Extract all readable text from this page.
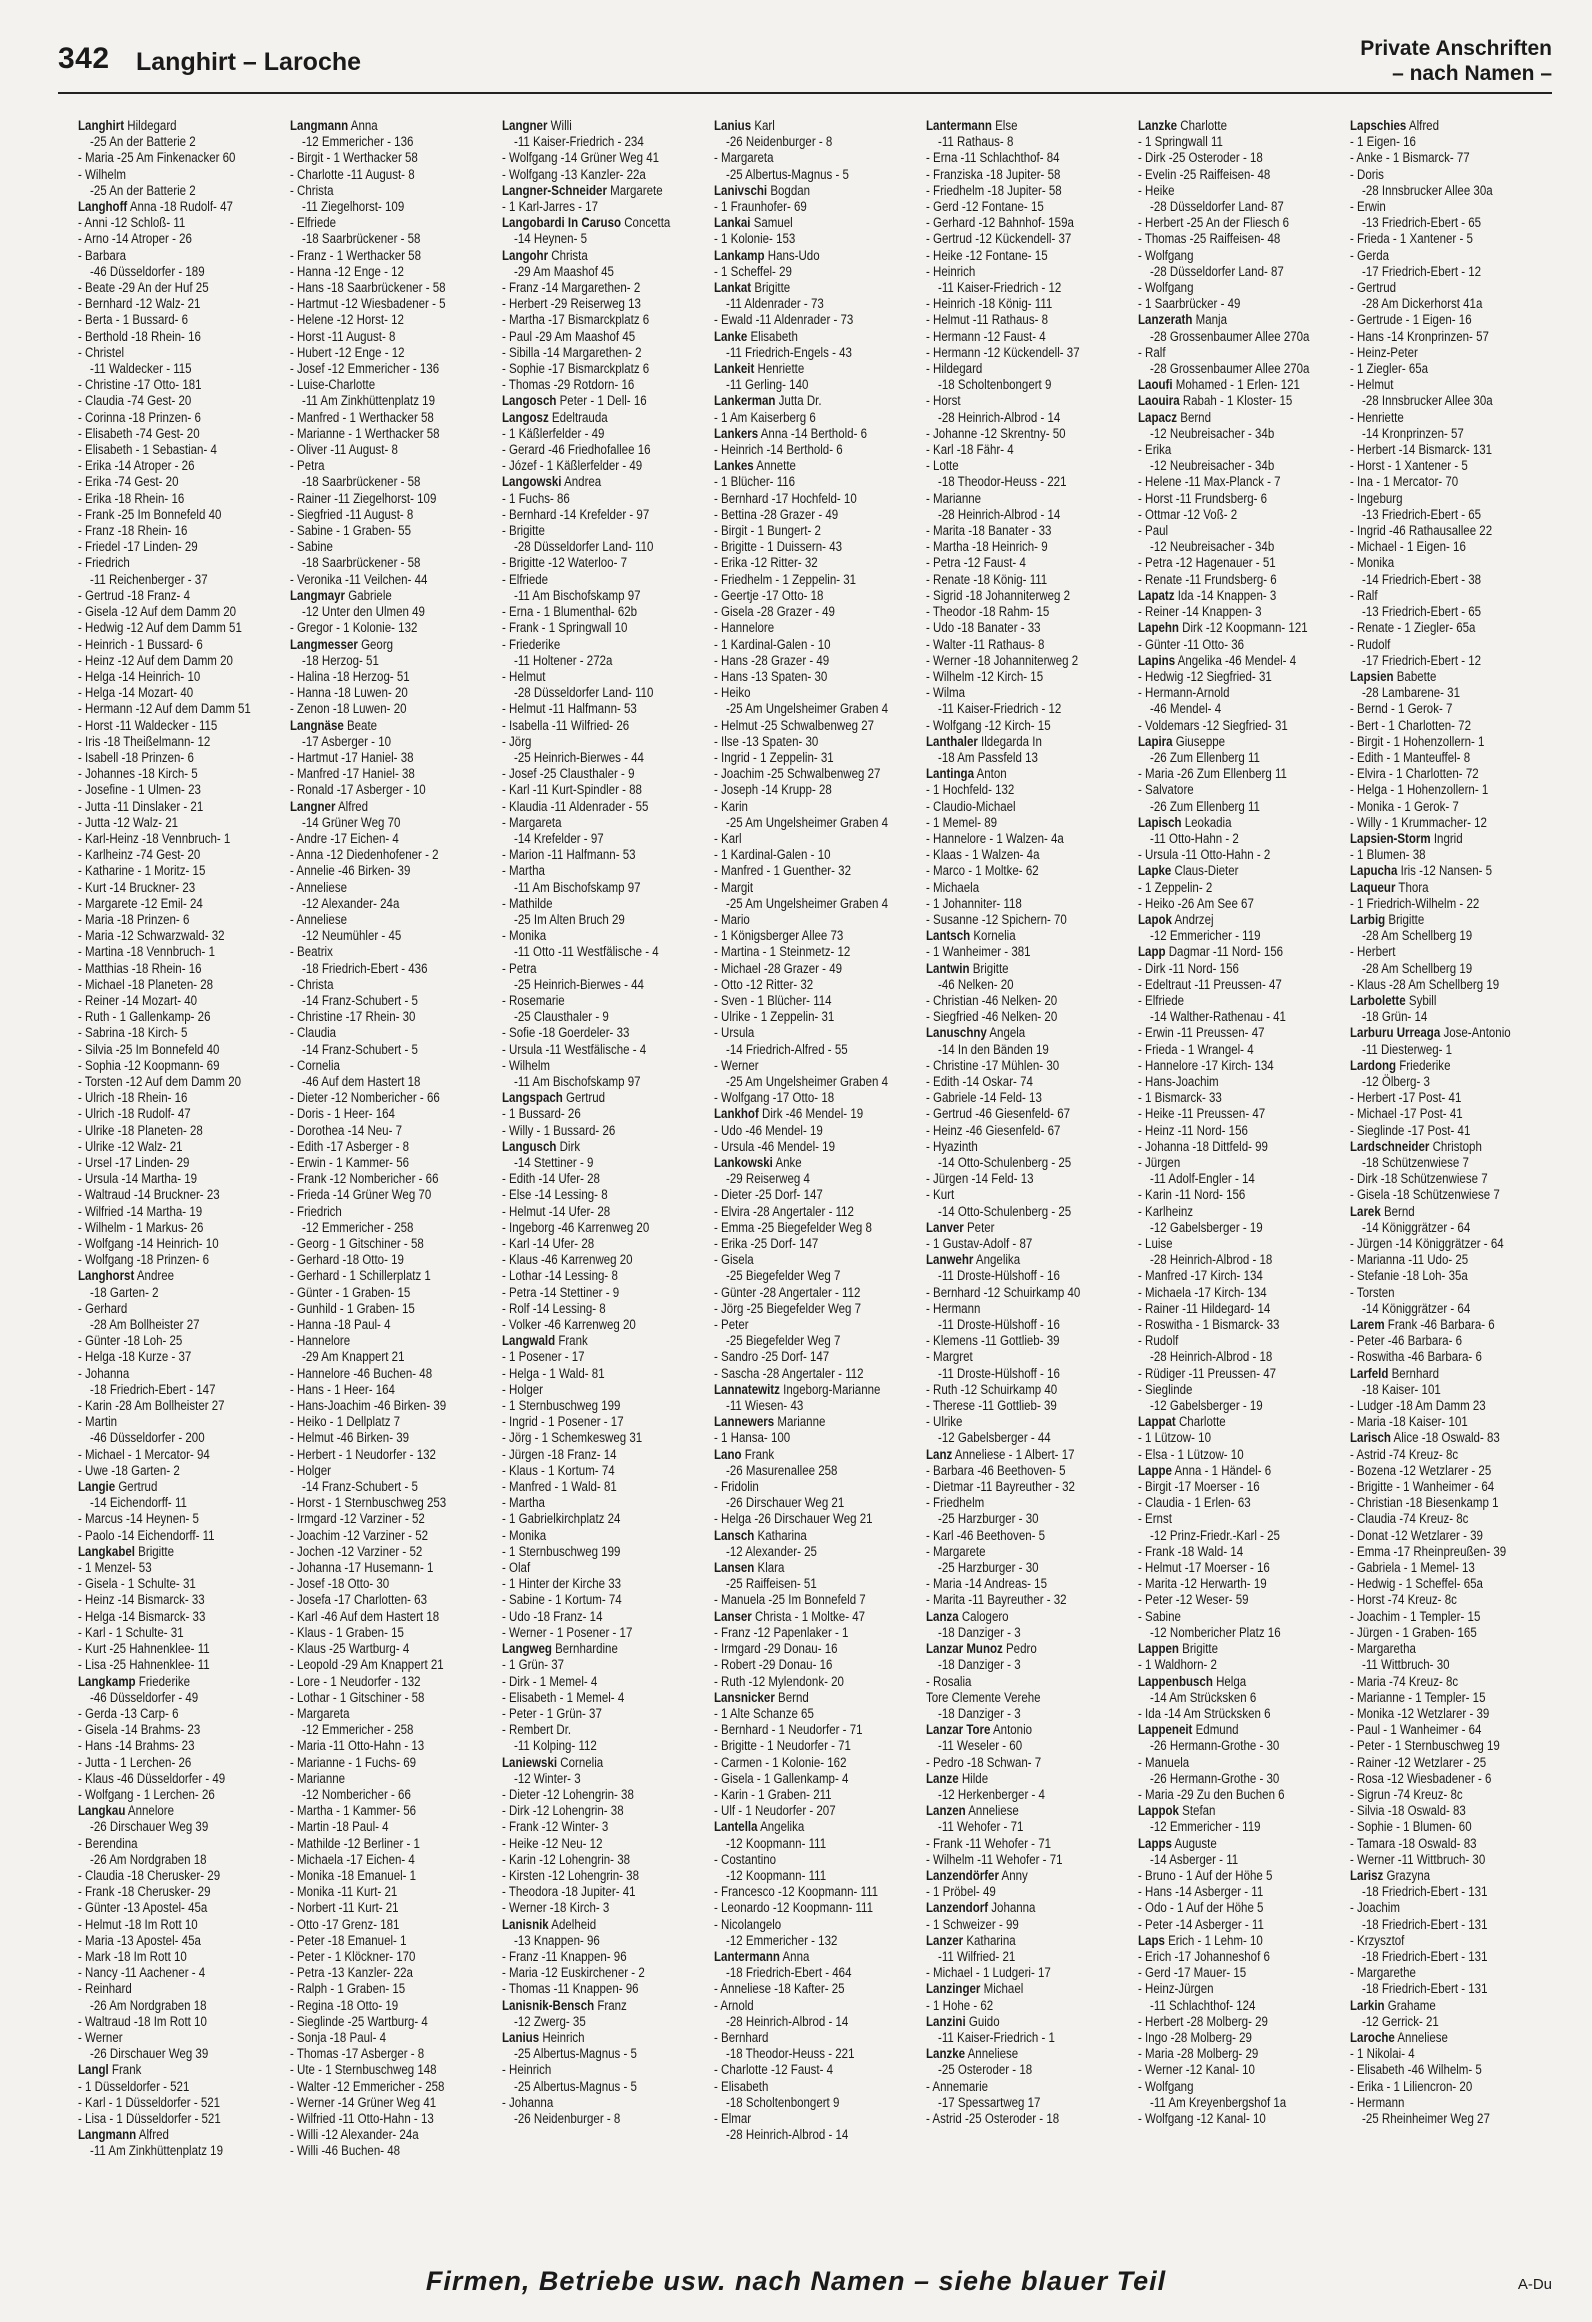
342 Langhirt – Laroche	Private Anschriften
– nach Namen –
Langhirt Hildegard
-25 An der Batterie 2
- Maria -25 Am Finkenacker 60
- Wilhelm
-25 An der Batterie 2
Langhoff Anna -18 Rudolf- 47
- Anni -12 Schloß- 11
- Arno -14 Atroper - 26
- Barbara
-46 Düsseldorfer - 189
- Beate -29 An der Huf 25
- Bernhard -12 Walz- 21
- Berta - 1 Bussard- 6
- Berthold -18 Rhein- 16
- Christel
-11 Waldecker - 115
- Christine -17 Otto- 181
- Claudia -74 Gest- 20
- Corinna -18 Prinzen- 6
- Elisabeth -74 Gest- 20
- Elisabeth - 1 Sebastian- 4
- Erika -14 Atroper - 26
- Erika -74 Gest- 20
- Erika -18 Rhein- 16
- Frank -25 Im Bonnefeld 40
- Franz -18 Rhein- 16
- Friedel -17 Linden- 29
- Friedrich
-11 Reichenberger - 37
- Gertrud -18 Franz- 4
- Gisela -12 Auf dem Damm 20
- Hedwig -12 Auf dem Damm 51
- Heinrich - 1 Bussard- 6
- Heinz -12 Auf dem Damm 20
- Helga -14 Heinrich- 10
- Helga -14 Mozart- 40
- Hermann -12 Auf dem Damm 51
- Horst -11 Waldecker - 115
- Iris -18 Theißelmann- 12
- Isabell -18 Prinzen- 6
- Johannes -18 Kirch- 5
- Josefine - 1 Ulmen- 23
- Jutta -11 Dinslaker - 21
- Jutta -12 Walz- 21
- Karl-Heinz -18 Vennbruch- 1
- Karlheinz -74 Gest- 20
- Katharine - 1 Moritz- 15
- Kurt -14 Bruckner- 23
- Margarete -12 Emil- 24
- Maria -18 Prinzen- 6
- Maria -12 Schwarzwald- 32
- Martina -18 Vennbruch- 1
- Matthias -18 Rhein- 16
- Michael -18 Planeten- 28
- Reiner -14 Mozart- 40
- Ruth - 1 Gallenkamp- 26
- Sabrina -18 Kirch- 5
- Silvia -25 Im Bonnefeld 40
- Sophia -12 Koopmann- 69
- Torsten -12 Auf dem Damm 20
- Ulrich -18 Rhein- 16
- Ulrich -18 Rudolf- 47
- Ulrike -18 Planeten- 28
- Ulrike -12 Walz- 21
- Ursel -17 Linden- 29
- Ursula -14 Martha- 19
- Waltraud -14 Bruckner- 23
- Wilfried -14 Martha- 19
- Wilhelm - 1 Markus- 26
- Wolfgang -14 Heinrich- 10
- Wolfgang -18 Prinzen- 6
Langhorst Andree
-18 Garten- 2
- Gerhard
-28 Am Bollheister 27
- Günter -18 Loh- 25
- Helga -18 Kurze - 37
- Johanna
-18 Friedrich-Ebert - 147
- Karin -28 Am Bollheister 27
- Martin
-46 Düsseldorfer - 200
- Michael - 1 Mercator- 94
- Uwe -18 Garten- 2
Langie Gertrud
-14 Eichendorff- 11
- Marcus -14 Heynen- 5
- Paolo -14 Eichendorff- 11
Langkabel Brigitte
- 1 Menzel- 53
- Gisela - 1 Schulte- 31
- Heinz -14 Bismarck- 33
- Helga -14 Bismarck- 33
- Karl - 1 Schulte- 31
- Kurt -25 Hahnenklee- 11
- Lisa -25 Hahnenklee- 11
Langkamp Friederike
-46 Düsseldorfer - 49
- Gerda -13 Carp- 6
- Gisela -14 Brahms- 23
- Hans -14 Brahms- 23
- Jutta - 1 Lerchen- 26
- Klaus -46 Düsseldorfer - 49
- Wolfgang - 1 Lerchen- 26
Langkau Annelore
-26 Dirschauer Weg 39
- Berendina
-26 Am Nordgraben 18
- Claudia -18 Cherusker- 29
- Frank -18 Cherusker- 29
- Günter -13 Apostel- 45a
- Helmut -18 Im Rott 10
- Maria -13 Apostel- 45a
- Mark -18 Im Rott 10
- Nancy -11 Aachener - 4
- Reinhard
-26 Am Nordgraben 18
- Waltraud -18 Im Rott 10
- Werner
-26 Dirschauer Weg 39
Langl Frank
- 1 Düsseldorfer - 521
- Karl - 1 Düsseldorfer - 521
- Lisa - 1 Düsseldorfer - 521
Langmann Alfred
-11 Am Zinkhüttenplatz 19
Langmann Anna
-12 Emmericher - 136
- Birgit - 1 Werthacker 58
- Charlotte -11 August- 8
- Christa
-11 Ziegelhorst- 109
- Elfriede
-18 Saarbrückener - 58
- Franz - 1 Werthacker 58
- Hanna -12 Enge - 12
- Hans -18 Saarbrückener - 58
- Hartmut -12 Wiesbadener - 5
- Helene -12 Horst- 12
- Horst -11 August- 8
- Hubert -12 Enge - 12
- Josef -12 Emmericher - 136
- Luise-Charlotte
-11 Am Zinkhüttenplatz 19
- Manfred - 1 Werthacker 58
- Marianne - 1 Werthacker 58
- Oliver -11 August- 8
- Petra
-18 Saarbrückener - 58
- Rainer -11 Ziegelhorst- 109
- Siegfried -11 August- 8
- Sabine - 1 Graben- 55
- Sabine
-18 Saarbrückener - 58
- Veronika -11 Veilchen- 44
Langmayr Gabriele
-12 Unter den Ulmen 49
- Gregor - 1 Kolonie- 132
Langmesser Georg
-18 Herzog- 51
- Halina -18 Herzog- 51
- Hanna -18 Luwen- 20
- Zenon -18 Luwen- 20
Langnäse Beate
-17 Asberger - 10
- Hartmut -17 Haniel- 38
- Manfred -17 Haniel- 38
- Ronald -17 Asberger - 10
Langner Alfred
-14 Grüner Weg 70
- Andre -17 Eichen- 4
- Anna -12 Diedenhofener - 2
- Annelie -46 Birken- 39
- Anneliese
-12 Alexander- 24a
- Anneliese
-12 Neumühler - 45
- Beatrix
-18 Friedrich-Ebert - 436
- Christa
-14 Franz-Schubert - 5
- Christine -17 Rhein- 30
- Claudia
-14 Franz-Schubert - 5
- Cornelia
-46 Auf dem Hastert 18
- Dieter -12 Nombericher - 66
- Doris - 1 Heer- 164
- Dorothea -14 Neu- 7
- Edith -17 Asberger - 8
- Erwin - 1 Kammer- 56
- Frank -12 Nombericher - 66
- Frieda -14 Grüner Weg 70
- Friedrich
-12 Emmericher - 258
- Georg - 1 Gitschiner - 58
- Gerhard -18 Otto- 19
- Gerhard - 1 Schillerplatz 1
- Günter - 1 Graben- 15
- Gunhild - 1 Graben- 15
- Hanna -18 Paul- 4
- Hannelore
-29 Am Knappert 21
- Hannelore -46 Buchen- 48
- Hans - 1 Heer- 164
- Hans-Joachim -46 Birken- 39
- Heiko - 1 Dellplatz 7
- Helmut -46 Birken- 39
- Herbert - 1 Neudorfer - 132
- Holger
-14 Franz-Schubert - 5
- Horst - 1 Sternbuschweg 253
- Irmgard -12 Varziner - 52
- Joachim -12 Varziner - 52
- Jochen -12 Varziner - 52
- Johanna -17 Husemann- 1
- Josef -18 Otto- 30
- Josefa -17 Charlotten- 63
- Karl -46 Auf dem Hastert 18
- Klaus - 1 Graben- 15
- Klaus -25 Wartburg- 4
- Leopold -29 Am Knappert 21
- Lore - 1 Neudorfer - 132
- Lothar - 1 Gitschiner - 58
- Margareta
-12 Emmericher - 258
- Maria -11 Otto-Hahn - 13
- Marianne - 1 Fuchs- 69
- Marianne
-12 Nombericher - 66
- Martha - 1 Kammer- 56
- Martin -18 Paul- 4
- Mathilde -12 Berliner - 1
- Michaela -17 Eichen- 4
- Monika -18 Emanuel- 1
- Monika -11 Kurt- 21
- Norbert -11 Kurt- 21
- Otto -17 Grenz- 181
- Peter -18 Emanuel- 1
- Peter - 1 Klöckner- 170
- Petra -13 Kanzler- 22a
- Ralph - 1 Graben- 15
- Regina -18 Otto- 19
- Sieglinde -25 Wartburg- 4
- Sonja -18 Paul- 4
- Thomas -17 Asberger - 8
- Ute - 1 Sternbuschweg 148
- Walter -12 Emmericher - 258
- Werner -14 Grüner Weg 41
- Wilfried -11 Otto-Hahn - 13
- Willi -12 Alexander- 24a
- Willi -46 Buchen- 48
Langner Willi
-11 Kaiser-Friedrich - 234
- Wolfgang -14 Grüner Weg 41
- Wolfgang -13 Kanzler- 22a
Langner-Schneider Margarete
- 1 Karl-Jarres - 17
Langobardi In Caruso Concetta
-14 Heynen- 5
Langohr Christa
-29 Am Maashof 45
- Franz -14 Margarethen- 2
- Herbert -29 Reiserweg 13
- Martha -17 Bismarckplatz 6
- Paul -29 Am Maashof 45
- Sibilla -14 Margarethen- 2
- Sophie -17 Bismarckplatz 6
- Thomas -29 Rotdorn- 16
Langosch Peter - 1 Dell- 16
Langosz Edeltrauda
- 1 Käßlerfelder - 49
- Gerard -46 Friedhofallee 16
- Józef - 1 Käßlerfelder - 49
Langowski Andrea
- 1 Fuchs- 86
- Bernhard -14 Krefelder - 97
- Brigitte
-28 Düsseldorfer Land- 110
- Brigitte -12 Waterloo- 7
- Elfriede
-11 Am Bischofskamp 97
- Erna - 1 Blumenthal- 62b
- Frank - 1 Springwall 10
- Friederike
-11 Holtener - 272a
- Helmut
-28 Düsseldorfer Land- 110
- Helmut -11 Halfmann- 53
- Isabella -11 Wilfried- 26
- Jörg
-25 Heinrich-Bierwes - 44
- Josef -25 Clausthaler - 9
- Karl -11 Kurt-Spindler - 88
- Klaudia -11 Aldenrader - 55
- Margareta
-14 Krefelder - 97
- Marion -11 Halfmann- 53
- Martha
-11 Am Bischofskamp 97
- Mathilde
-25 Im Alten Bruch 29
- Monika
-11 Otto -11 Westfälische - 4
- Petra
-25 Heinrich-Bierwes - 44
- Rosemarie
-25 Clausthaler - 9
- Sofie -18 Goerdeler- 33
- Ursula -11 Westfälische - 4
- Wilhelm
-11 Am Bischofskamp 97
Langspach Gertrud
- 1 Bussard- 26
- Willy - 1 Bussard- 26
Langusch Dirk
-14 Stettiner - 9
- Edith -14 Ufer- 28
- Else -14 Lessing- 8
- Helmut -14 Ufer- 28
- Ingeborg -46 Karrenweg 20
- Karl -14 Ufer- 28
- Klaus -46 Karrenweg 20
- Lothar -14 Lessing- 8
- Petra -14 Stettiner - 9
- Rolf -14 Lessing- 8
- Volker -46 Karrenweg 20
Langwald Frank
- 1 Posener - 17
- Helga - 1 Wald- 81
- Holger
- 1 Sternbuschweg 199
- Ingrid - 1 Posener - 17
- Jörg - 1 Schemkesweg 31
- Jürgen -18 Franz- 14
- Klaus - 1 Kortum- 74
- Manfred - 1 Wald- 81
- Martha
- 1 Gabrielkirchplatz 24
- Monika
- 1 Sternbuschweg 199
- Olaf
- 1 Hinter der Kirche 33
- Sabine - 1 Kortum- 74
- Udo -18 Franz- 14
- Werner - 1 Posener - 17
Langweg Bernhardine
- 1 Grün- 37
- Dirk - 1 Memel- 4
- Elisabeth - 1 Memel- 4
- Peter - 1 Grün- 37
- Rembert Dr.
-11 Kolping- 112
Laniewski Cornelia
-12 Winter- 3
- Dieter -12 Lohengrin- 38
- Dirk -12 Lohengrin- 38
- Frank -12 Winter- 3
- Heike -12 Neu- 12
- Karin -12 Lohengrin- 38
- Kirsten -12 Lohengrin- 38
- Theodora -18 Jupiter- 41
- Werner -18 Kirch- 3
Lanisnik Adelheid
-13 Knappen- 96
- Franz -11 Knappen- 96
- Maria -12 Euskirchener - 2
- Thomas -11 Knappen- 96
Lanisnik-Bensch Franz
-12 Zwerg- 35
Lanius Heinrich
-25 Albertus-Magnus - 5
- Heinrich
-25 Albertus-Magnus - 5
- Johanna
-26 Neidenburger - 8
Lanius Karl
-26 Neidenburger - 8
- Margareta
-25 Albertus-Magnus - 5
Lanivschi Bogdan
- 1 Fraunhofer- 69
Lankai Samuel
- 1 Kolonie- 153
Lankamp Hans-Udo
- 1 Scheffel- 29
Lankat Brigitte
-11 Aldenrader - 73
- Ewald -11 Aldenrader - 73
Lanke Elisabeth
-11 Friedrich-Engels - 43
Lankeit Henriette
-11 Gerling- 140
Lankerman Jutta Dr.
- 1 Am Kaiserberg 6
Lankers Anna -14 Berthold- 6
- Heinrich -14 Berthold- 6
Lankes Annette
- 1 Blücher- 116
- Bernhard -17 Hochfeld- 10
- Bettina -28 Grazer - 49
- Birgit - 1 Bungert- 2
- Brigitte - 1 Duissern- 43
- Erika -12 Ritter- 32
- Friedhelm - 1 Zeppelin- 31
- Geertje -17 Otto- 18
- Gisela -28 Grazer - 49
- Hannelore
- 1 Kardinal-Galen - 10
- Hans -28 Grazer - 49
- Hans -13 Spaten- 30
- Heiko
-25 Am Ungelsheimer Graben 4
- Helmut -25 Schwalbenweg 27
- Ilse -13 Spaten- 30
- Ingrid - 1 Zeppelin- 31
- Joachim -25 Schwalbenweg 27
- Joseph -14 Krupp- 28
- Karin
-25 Am Ungelsheimer Graben 4
- Karl
- 1 Kardinal-Galen - 10
- Manfred - 1 Guenther- 32
- Margit
-25 Am Ungelsheimer Graben 4
- Mario
- 1 Königsberger Allee 73
- Martina - 1 Steinmetz- 12
- Michael -28 Grazer - 49
- Otto -12 Ritter- 32
- Sven - 1 Blücher- 114
- Ulrike - 1 Zeppelin- 31
- Ursula
-14 Friedrich-Alfred - 55
- Werner
-25 Am Ungelsheimer Graben 4
- Wolfgang -17 Otto- 18
Lankhof Dirk -46 Mendel- 19
- Udo -46 Mendel- 19
- Ursula -46 Mendel- 19
Lankowski Anke
-29 Reiserweg 4
- Dieter -25 Dorf- 147
- Elvira -28 Angertaler - 112
- Emma -25 Biegefelder Weg 8
- Erika -25 Dorf- 147
- Gisela
-25 Biegefelder Weg 7
- Günter -28 Angertaler - 112
- Jörg -25 Biegefelder Weg 7
- Peter
-25 Biegefelder Weg 7
- Sandro -25 Dorf- 147
- Sascha -28 Angertaler - 112
Lannatewitz Ingeborg-Marianne
-11 Wiesen- 43
Lannewers Marianne
- 1 Hansa- 100
Lano Frank
-26 Masurenallee 258
- Fridolin
-26 Dirschauer Weg 21
- Helga -26 Dirschauer Weg 21
Lansch Katharina
-12 Alexander- 25
Lansen Klara
-25 Raiffeisen- 51
- Manuela -25 Im Bonnefeld 7
Lanser Christa - 1 Moltke- 47
- Franz -12 Papenlaker - 1
- Irmgard -29 Donau- 16
- Robert -29 Donau- 16
- Ruth -12 Mylendonk- 20
Lansnicker Bernd
- 1 Alte Schanze 65
- Bernhard - 1 Neudorfer - 71
- Brigitte - 1 Neudorfer - 71
- Carmen - 1 Kolonie- 162
- Gisela - 1 Gallenkamp- 4
- Karin - 1 Graben- 211
- Ulf - 1 Neudorfer - 207
Lantella Angelika
-12 Koopmann- 111
- Costantino
-12 Koopmann- 111
- Francesco -12 Koopmann- 111
- Leonardo -12 Koopmann- 111
- Nicolangelo
-12 Emmericher - 132
Lantermann Anna
-18 Friedrich-Ebert - 464
- Anneliese -18 Kafter- 25
- Arnold
-28 Heinrich-Albrod - 14
- Bernhard
-18 Theodor-Heuss - 221
- Charlotte -12 Faust- 4
- Elisabeth
-18 Scholtenbongert 9
- Elmar
-28 Heinrich-Albrod - 14
Lantermann Else
-11 Rathaus- 8
- Erna -11 Schlachthof- 84
- Franziska -18 Jupiter- 58
- Friedhelm -18 Jupiter- 58
- Gerd -12 Fontane- 15
- Gerhard -12 Bahnhof- 159a
- Gertrud -12 Kückendell- 37
- Heike -12 Fontane- 15
- Heinrich
-11 Kaiser-Friedrich - 12
- Heinrich -18 König- 111
- Helmut -11 Rathaus- 8
- Hermann -12 Faust- 4
- Hermann -12 Kückendell- 37
- Hildegard
-18 Scholtenbongert 9
- Horst
-28 Heinrich-Albrod - 14
- Johanne -12 Skrentny- 50
- Karl -18 Fähr- 4
- Lotte
-18 Theodor-Heuss - 221
- Marianne
-28 Heinrich-Albrod - 14
- Marita -18 Banater - 33
- Martha -18 Heinrich- 9
- Petra -12 Faust- 4
- Renate -18 König- 111
- Sigrid -18 Johanniterweg 2
- Theodor -18 Rahm- 15
- Udo -18 Banater - 33
- Walter -11 Rathaus- 8
- Werner -18 Johanniterweg 2
- Wilhelm -12 Kirch- 15
- Wilma
-11 Kaiser-Friedrich - 12
- Wolfgang -12 Kirch- 15
Lanthaler Ildegarda In
-18 Am Passfeld 13
Lantinga Anton
- 1 Hochfeld- 132
- Claudio-Michael
- 1 Memel- 89
- Hannelore - 1 Walzen- 4a
- Klaas - 1 Walzen- 4a
- Marco - 1 Moltke- 62
- Michaela
- 1 Johanniter- 118
- Susanne -12 Spichern- 70
Lantsch Kornelia
- 1 Wanheimer - 381
Lantwin Brigitte
-46 Nelken- 20
- Christian -46 Nelken- 20
- Siegfried -46 Nelken- 20
Lanuschny Angela
-14 In den Bänden 19
- Christine -17 Mühlen- 30
- Edith -14 Oskar- 74
- Gabriele -14 Feld- 13
- Gertrud -46 Giesenfeld- 67
- Heinz -46 Giesenfeld- 67
- Hyazinth
-14 Otto-Schulenberg - 25
- Jürgen -14 Feld- 13
- Kurt
-14 Otto-Schulenberg - 25
Lanver Peter
- 1 Gustav-Adolf - 87
Lanwehr Angelika
-11 Droste-Hülshoff - 16
- Bernhard -12 Schuirkamp 40
- Hermann
-11 Droste-Hülshoff - 16
- Klemens -11 Gottlieb- 39
- Margret
-11 Droste-Hülshoff - 16
- Ruth -12 Schuirkamp 40
- Therese -11 Gottlieb- 39
- Ulrike
-12 Gabelsberger - 44
Lanz Anneliese - 1 Albert- 17
- Barbara -46 Beethoven- 5
- Dietmar -11 Bayreuther - 32
- Friedhelm
-25 Harzburger - 30
- Karl -46 Beethoven- 5
- Margarete
-25 Harzburger - 30
- Maria -14 Andreas- 15
- Marita -11 Bayreuther - 32
Lanza Calogero
-18 Danziger - 3
Lanzar Munoz Pedro
-18 Danziger - 3
- Rosalia
Tore Clemente Verehe
-18 Danziger - 3
Lanzar Tore Antonio
-11 Weseler - 60
- Pedro -18 Schwan- 7
Lanze Hilde
-12 Herkenberger - 4
Lanzen Anneliese
-11 Wehofer - 71
- Frank -11 Wehofer - 71
- Wilhelm -11 Wehofer - 71
Lanzendörfer Anny
- 1 Pröbel- 49
Lanzendorf Johanna
- 1 Schweizer - 99
Lanzer Katharina
-11 Wilfried- 21
- Michael - 1 Ludgeri- 17
Lanzinger Michael
- 1 Hohe - 62
Lanzini Guido
-11 Kaiser-Friedrich - 1
Lanzke Anneliese
-25 Osteroder - 18
- Annemarie
-17 Spessartweg 17
- Astrid -25 Osteroder - 18
Lanzke Charlotte
- 1 Springwall 11
- Dirk -25 Osteroder - 18
- Evelin -25 Raiffeisen- 48
- Heike
-28 Düsseldorfer Land- 87
- Herbert -25 An der Fliesch 6
- Thomas -25 Raiffeisen- 48
- Wolfgang
-28 Düsseldorfer Land- 87
- Wolfgang
- 1 Saarbrücker - 49
Lanzerath Manja
-28 Grossenbaumer Allee 270a
- Ralf
-28 Grossenbaumer Allee 270a
Laoufi Mohamed - 1 Erlen- 121
Laouira Rabah - 1 Kloster- 15
Lapacz Bernd
-12 Neubreisacher - 34b
- Erika
-12 Neubreisacher - 34b
- Helene -11 Max-Planck - 7
- Horst -11 Frundsberg- 6
- Ottmar -12 Voß- 2
- Paul
-12 Neubreisacher - 34b
- Petra -12 Hagenauer - 51
- Renate -11 Frundsberg- 6
Lapatz Ida -14 Knappen- 3
- Reiner -14 Knappen- 3
Lapehn Dirk -12 Koopmann- 121
- Günter -11 Otto- 36
Lapins Angelika -46 Mendel- 4
- Hedwig -12 Siegfried- 31
- Hermann-Arnold
-46 Mendel- 4
- Voldemars -12 Siegfried- 31
Lapira Giuseppe
-26 Zum Ellenberg 11
- Maria -26 Zum Ellenberg 11
- Salvatore
-26 Zum Ellenberg 11
Lapisch Leokadia
-11 Otto-Hahn - 2
- Ursula -11 Otto-Hahn - 2
Lapke Claus-Dieter
- 1 Zeppelin- 2
- Heiko -26 Am See 67
Lapok Andrzej
-12 Emmericher - 119
Lapp Dagmar -11 Nord- 156
- Dirk -11 Nord- 156
- Edeltraut -11 Preussen- 47
- Elfriede
-14 Walther-Rathenau - 41
- Erwin -11 Preussen- 47
- Frieda - 1 Wrangel- 4
- Hannelore -17 Kirch- 134
- Hans-Joachim
- 1 Bismarck- 33
- Heike -11 Preussen- 47
- Heinz -11 Nord- 156
- Johanna -18 Dittfeld- 99
- Jürgen
-11 Adolf-Engler - 14
- Karin -11 Nord- 156
- Karlheinz
-12 Gabelsberger - 19
- Luise
-28 Heinrich-Albrod - 18
- Manfred -17 Kirch- 134
- Michaela -17 Kirch- 134
- Rainer -11 Hildegard- 14
- Roswitha - 1 Bismarck- 33
- Rudolf
-28 Heinrich-Albrod - 18
- Rüdiger -11 Preussen- 47
- Sieglinde
-12 Gabelsberger - 19
Lappat Charlotte
- 1 Lützow- 10
- Elsa - 1 Lützow- 10
Lappe Anna - 1 Händel- 6
- Birgit -17 Moerser - 16
- Claudia - 1 Erlen- 63
- Ernst
-12 Prinz-Friedr.-Karl - 25
- Frank -18 Wald- 14
- Helmut -17 Moerser - 16
- Marita -12 Herwarth- 19
- Peter -12 Weser- 59
- Sabine
-12 Nombericher Platz 16
Lappen Brigitte
- 1 Waldhorn- 2
Lappenbusch Helga
-14 Am Strücksken 6
- Ida -14 Am Strücksken 6
Lappeneit Edmund
-26 Hermann-Grothe - 30
- Manuela
-26 Hermann-Grothe - 30
- Maria -29 Zu den Buchen 6
Lappok Stefan
-12 Emmericher - 119
Lapps Auguste
-14 Asberger - 11
- Bruno - 1 Auf der Höhe 5
- Hans -14 Asberger - 11
- Odo - 1 Auf der Höhe 5
- Peter -14 Asberger - 11
Laps Erich - 1 Lehm- 10
- Erich -17 Johanneshof 6
- Gerd -17 Mauer- 15
- Heinz-Jürgen
-11 Schlachthof- 124
- Herbert -28 Molberg- 29
- Ingo -28 Molberg- 29
- Maria -28 Molberg- 29
- Werner -12 Kanal- 10
- Wolfgang
-11 Am Kreyenbergshof 1a
- Wolfgang -12 Kanal- 10
Lapschies Alfred
- 1 Eigen- 16
- Anke - 1 Bismarck- 77
- Doris
-28 Innsbrucker Allee 30a
- Erwin
-13 Friedrich-Ebert - 65
- Frieda - 1 Xantener - 5
- Gerda
-17 Friedrich-Ebert - 12
- Gertrud
-28 Am Dickerhorst 41a
- Gertrude - 1 Eigen- 16
- Hans -14 Kronprinzen- 57
- Heinz-Peter
- 1 Ziegler- 65a
- Helmut
-28 Innsbrucker Allee 30a
- Henriette
-14 Kronprinzen- 57
- Herbert -14 Bismarck- 131
- Horst - 1 Xantener - 5
- Ina - 1 Mercator- 70
- Ingeburg
-13 Friedrich-Ebert - 65
- Ingrid -46 Rathausallee 22
- Michael - 1 Eigen- 16
- Monika
-14 Friedrich-Ebert - 38
- Ralf
-13 Friedrich-Ebert - 65
- Renate - 1 Ziegler- 65a
- Rudolf
-17 Friedrich-Ebert - 12
Lapsien Babette
-28 Lambarene- 31
- Bernd - 1 Gerok- 7
- Bert - 1 Charlotten- 72
- Birgit - 1 Hohenzollern- 1
- Edith - 1 Manteuffel- 8
- Elvira - 1 Charlotten- 72
- Helga - 1 Hohenzollern- 1
- Monika - 1 Gerok- 7
- Willy - 1 Krummacher- 12
Lapsien-Storm Ingrid
- 1 Blumen- 38
Lapucha Iris -12 Nansen- 5
Laqueur Thora
- 1 Friedrich-Wilhelm - 22
Larbig Brigitte
-28 Am Schellberg 19
- Herbert
-28 Am Schellberg 19
- Klaus -28 Am Schellberg 19
Larbolette Sybill
-18 Grün- 14
Larburu Urreaga Jose-Antonio
-11 Diesterweg- 1
Lardong Friederike
-12 Ölberg- 3
- Herbert -17 Post- 41
- Michael -17 Post- 41
- Sieglinde -17 Post- 41
Lardschneider Christoph
-18 Schützenwiese 7
- Dirk -18 Schützenwiese 7
- Gisela -18 Schützenwiese 7
Larek Bernd
-14 Königgrätzer - 64
- Jürgen -14 Königgrätzer - 64
- Marianna -11 Udo- 25
- Stefanie -18 Loh- 35a
- Torsten
-14 Königgrätzer - 64
Larem Frank -46 Barbara- 6
- Peter -46 Barbara- 6
- Roswitha -46 Barbara- 6
Larfeld Bernhard
-18 Kaiser- 101
- Ludger -18 Am Damm 23
- Maria -18 Kaiser- 101
Larisch Alice -18 Oswald- 83
- Astrid -74 Kreuz- 8c
- Bozena -12 Wetzlarer - 25
- Brigitte - 1 Wanheimer - 64
- Christian -18 Biesenkamp 1
- Claudia -74 Kreuz- 8c
- Donat -12 Wetzlarer - 39
- Emma -17 Rheinpreußen- 39
- Gabriela - 1 Memel- 13
- Hedwig - 1 Scheffel- 65a
- Horst -74 Kreuz- 8c
- Joachim - 1 Templer- 15
- Jürgen - 1 Graben- 165
- Margaretha
-11 Wittbruch- 30
- Maria -74 Kreuz- 8c
- Marianne - 1 Templer- 15
- Monika -12 Wetzlarer - 39
- Paul - 1 Wanheimer - 64
- Peter - 1 Sternbuschweg 19
- Rainer -12 Wetzlarer - 25
- Rosa -12 Wiesbadener - 6
- Sigrun -74 Kreuz- 8c
- Silvia -18 Oswald- 83
- Sophie - 1 Blumen- 60
- Tamara -18 Oswald- 83
- Werner -11 Wittbruch- 30
Larisz Grazyna
-18 Friedrich-Ebert - 131
- Joachim
-18 Friedrich-Ebert - 131
- Krzysztof
-18 Friedrich-Ebert - 131
- Margarethe
-18 Friedrich-Ebert - 131
Larkin Grahame
-12 Gerrick- 21
Laroche Anneliese
- 1 Nikolai- 4
- Elisabeth -46 Wilhelm- 5
- Erika - 1 Liliencron- 20
- Hermann
-25 Rheinheimer Weg 27
Firmen, Betriebe usw. nach Namen – siehe blauer Teil	A-Du
